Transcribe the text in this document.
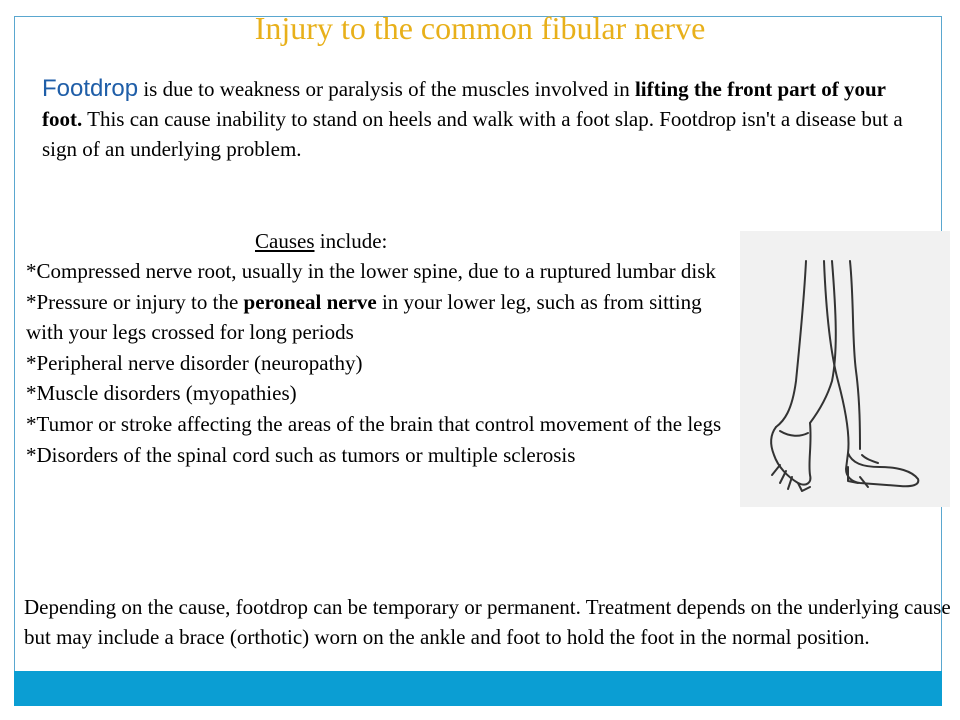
Injury to the common fibular nerve
Footdrop is due to weakness or paralysis of the muscles involved in lifting the front part of your foot. This can cause inability to stand on heels and walk with a foot slap. Footdrop isn't a disease but a sign of an underlying problem.
Causes include:
*Compressed nerve root, usually in the lower spine, due to a ruptured lumbar disk
*Pressure or injury to the peroneal nerve in your lower leg, such as from sitting with your legs crossed for long periods
*Peripheral nerve disorder (neuropathy)
*Muscle disorders (myopathies)
*Tumor or stroke affecting the areas of the brain that control movement of the legs
*Disorders of the spinal cord such as tumors or multiple sclerosis
Depending on the cause, footdrop can be temporary or permanent. Treatment depends on the underlying cause but may include a brace (orthotic) worn on the ankle and foot to hold the foot in the normal position.
